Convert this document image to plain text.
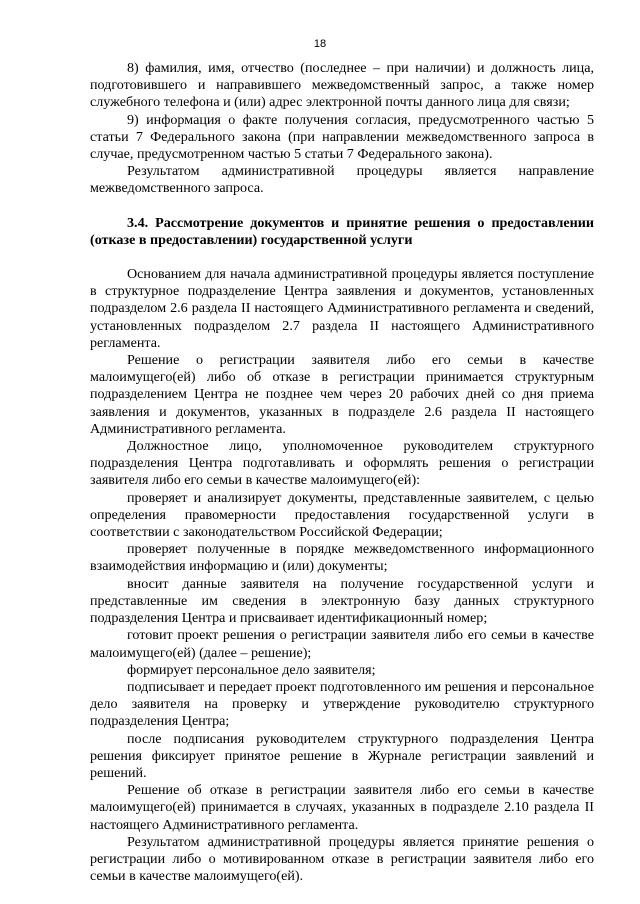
18

8) фамилия, имя, отчество (последнее – при наличии) и должность лица, подготовившего и направившего межведомственный запрос, а также номер служебного телефона и (или) адрес электронной почты данного лица для связи;

9) информация о факте получения согласия, предусмотренного частью 5 статьи 7 Федерального закона (при направлении межведомственного запроса в случае, предусмотренном частью 5 статьи 7 Федерального закона).

Результатом административной процедуры является направление межведомственного запроса.

3.4. Рассмотрение документов и принятие решения о предоставлении (отказе в предоставлении) государственной услуги

Основанием для начала административной процедуры является поступление в структурное подразделение Центра заявления и документов, установленных подразделом 2.6 раздела II настоящего Административного регламента и сведений, установленных подразделом 2.7 раздела II настоящего Административного регламента.

Решение о регистрации заявителя либо его семьи в качестве малоимущего(ей) либо об отказе в регистрации принимается структурным подразделением Центра не позднее чем через 20 рабочих дней со дня приема заявления и документов, указанных в подразделе 2.6 раздела II настоящего Административного регламента.

Должностное лицо, уполномоченное руководителем структурного подразделения Центра подготавливать и оформлять решения о регистрации заявителя либо его семьи в качестве малоимущего(ей):

проверяет и анализирует документы, представленные заявителем, с целью определения правомерности предоставления государственной услуги в соответствии с законодательством Российской Федерации;

проверяет полученные в порядке межведомственного информационного взаимодействия информацию и (или) документы;

вносит данные заявителя на получение государственной услуги и представленные им сведения в электронную базу данных структурного подразделения Центра и присваивает идентификационный номер;

готовит проект решения о регистрации заявителя либо его семьи в качестве малоимущего(ей) (далее – решение);

формирует персональное дело заявителя;

подписывает и передает проект подготовленного им решения и персональное дело заявителя на проверку и утверждение руководителю структурного подразделения Центра;

после подписания руководителем структурного подразделения Центра решения фиксирует принятое решение в Журнале регистрации заявлений и решений.

Решение об отказе в регистрации заявителя либо его семьи в качестве малоимущего(ей) принимается в случаях, указанных в подразделе 2.10 раздела II настоящего Административного регламента.

Результатом административной процедуры является принятие решения о регистрации либо о мотивированном отказе в регистрации заявителя либо его семьи в качестве малоимущего(ей).
